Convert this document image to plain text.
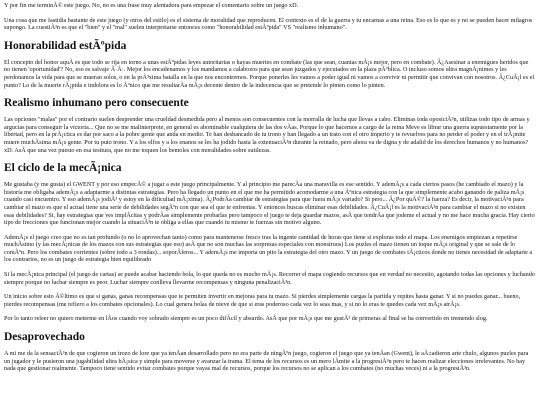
Y por fin me terminÃ© este juego. No, no es una frase muy alentadora para empezar el comentario sobre un juego xD.

Una cosa que me fastidia bastante de este juego (y otros del estilo) es el sistema de moralidad que reproducen. El contexto es el de la guerra y tu encarnas a una reina. Eso es lo que es y no se pueden hacer milagros supongo. La cuestiÃ³n es que el "bien" y el "mal" suelen interpretarse entonces como "honorabilidad estÃºpida" VS "realismo inhumano".

Honorabilidad estÃºpida

El concepto del honor aquÃ es que todo se rija en torno a unas estÃºpidas leyes autoritarias o hayas muertes en combate (las que sean, cuantas mÃ¡s mejor, pero en combate). Â¿Asesinar a enemigues heridos que no tienen 'oportunidad'? No, eso es salvaje Ã·Ã·. Mejor los encadenamos y los mandamos a calabozos para que sean juzgados y ejecutados en la plaza pÃºblica. O incluso somos ultra magnÃ¡nimes y les perdonamos la vida para que se mueran solos, o en la prÃ³xima batalla en la que nos encontremos. Porque ponerles les vamos a poder igual ni vamos a convivir ni permitir que convivan con nosotros. Â¿CuÃ¡l es el punto? Lo de la muerte rÃ¡pida e indolora es lo Ãºnico que me resultarÃa mÃ¡s decente dentro de la indecencia que se pretende lo pinten como lo pinten.

Realismo inhumano pero consecuente

Las opciones "malas" por el contrario suelen desprender una crueldad desmedida pero al menos son consecuentes con la morralla de lucha que llevas a cabo. Eliminas toda oposiciÃ³n, utilizas todo tipo de armas y argucias para conseguir la victoria... Que no se me malinterprete, en general es abominable cualquiera de las dos vÃas. Porque lo que hacemos a cargo de la reina Meve es librar una guerra supuestamente por la libertad, pero en la prÃ¡ctica es dar por saco a la pobre gente que anda en medio. Te han desbancado de tu trono y han llegado a un trato con el otro imperio y te revuelves para no perder el poder y en el trÃ¡mite muere muchÃsima mÃ¡s gente. Por tu puto trono. Y a los elfos y a los enanos se les ha jodido hasta la extenuaciÃ³n durante la reinado, pero ahora va de digna y de adalid de los derechos humanos y no humanos? xD. AsÃ que una vez puesto en esa tesitura, que no me toquen los bemoles con moralidades sobre sutilezas.

El ciclo de la mecÃ¡nica

Me gustaba (y me gusta) el GWENT y por eso empecÃ© a jugar a este juego principalmente. Y al principio me parecÃa una maravilla es ese sentido. Y ademÃ¡s a cada ciertos pasos (he cambiado el mazo) y la historia me obligaba ademÃ¡s a adaptarme a distintas estrategias. Pero ha llegado un punto en el que me ha permitido acomodarme a una Ãºnica estrategia con la que simplemente acabo ganando de paliza mÃ¡s cuando casi encuentro. Y eso ademÃ¡s jodiÃ³ y estoy en la dificultad mÃ¡xima). Â¿PodrÃa cambiar de estrategias para que fuera mÃ¡s variado? Si pero... Â¿Por quÃ©? la fuerza? Es decir, la motivaciÃ³n para cambiar el mazo es que el actual tiene una serie de debilidades segÃºn con que sea el que te enfrentas. Y entonces buscas eliminar esas debilidades. Â¿CuÃ¡l es la motivaciÃ³n para cambiar el mazo si no existen esas debilidades? Si, hay estrategias que ves implÃcitas y podrÃas simplemente probarlas pero tampoco el juego te deja guardar mazos, asÃ que tendrÃa que jodeme el actual y no me hace mucha gracia. Hay cierto tipo de frecciones que funcionan mejor cuando la situaciÃ³n te obliga a ellas que cuando tu mismo te fuerzas sin motivo alguno.

AdemÃ¡s el juego creo que no es tan profundo (o no lo aprovechan tanto) como para mantenerse fresco tras la ingente cantidad de horas que tiene si exploras todo el mapa. Los enemigos empiezan a repetirse muchÃsimo (y las mecÃ¡nicas de los mazos con sus estrategias que eso) asÃ que no son muchas las sorpresas especiales con monstruos) Los puzles el mazo tienen un toque mÃ¡s original y que se sale de lo comÃºn. Pero los combates corrientes (sobre todo a 3 rondas)... soporÃferos... Y ademÃ¡s me importa un pito la estrategia del otro mazo. Y un juego de combates tÃ¡cticos donde no tienes necesidad de adaptarte a los contrarios, no es un juego de estrategia bien equilibrado

Si la mecÃ¡nica principal (el juego de cartas) se puede acabar haciendo bola, lo que queda no es mucho mÃ¡s. Recorrer el mapa cogiendo recursos que en verdad no necesito, agotando todas las opciones y luchando siempre porque no luchar siempre es peor. Luchar siempre conlleva llevarme recompensas y ninguna penalizaciÃ³n.

Un inicio sobre esto Ã©ltimo es que si ganas, ganas recompensas que te permiten invertir en mejoras para tu mazo. Si pierdes simplemente cargas la partida y repites hasta ganar. Y si no puedes ganar... bueno, pierdes recompensas (me refiero a los combates opcionales). Lo cual genera bolas de nieve de que si eras poderoso cada vez lo seas mas, y si no lo eras te quedes cada vez mÃ¡s atrÃ¡s.

Por lo tanto releer no quiero meterme en lÃos cuando voy sobrado siempre es un poco difÃcil y absurdo. AsÃ que por mÃ¡s que me gustÃ³ de primeras al final se ha convertido en tremendo slog.

Desaprovechado

A mi me da la sensaciÃ³n de que cogieron un trozo de lore que ya tenÃan desarrollado pero no era parte de ningÃºn juego, cogieron el juego que ya tenÃan (Gwent), le aÃ±adieron arte chulo, algunos puzles para un jugador y le pusieron una jugabilidad ultra bÃ¡sica y simple para moverse y avanzar la trama. El tema de los recursos es un mero lÃmite a la progresiÃ³n pero te hacen realizar elecciones irrelevantes. No hay nada que gestionar realmente. Tampoco tiene sentido evitar combates porque vayas mal de recursos, porque los recursos no se aplican a los combates (no muchas veces) ni a la progresiÃ³n.
